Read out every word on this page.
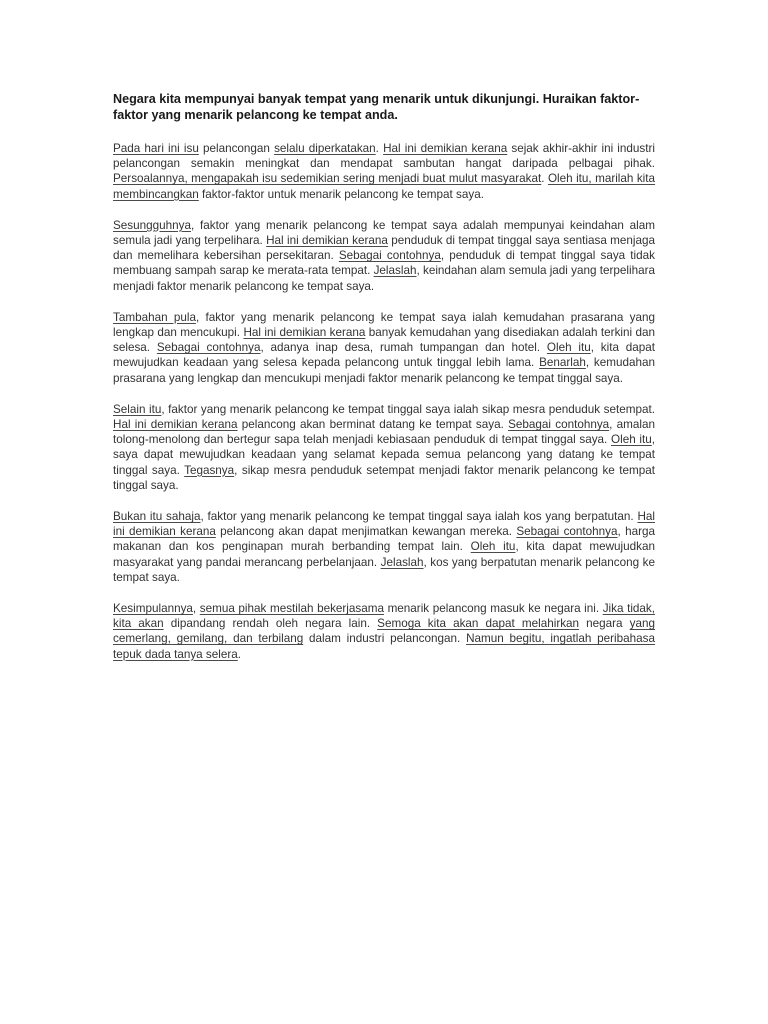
Negara kita mempunyai banyak tempat yang menarik untuk dikunjungi. Huraikan faktor-faktor yang menarik pelancong ke tempat anda.

Pada hari ini isu pelancongan selalu diperkatakan. Hal ini demikian kerana sejak akhir-akhir ini industri pelancongan semakin meningkat dan mendapat sambutan hangat daripada pelbagai pihak. Persoalannya, mengapakah isu sedemikian sering menjadi buat mulut masyarakat. Oleh itu, marilah kita membincangkan faktor-faktor untuk menarik pelancong ke tempat saya.

Sesungguhnya, faktor yang menarik pelancong ke tempat saya adalah mempunyai keindahan alam semula jadi yang terpelihara. Hal ini demikian kerana penduduk di tempat tinggal saya sentiasa menjaga dan memelihara kebersihan persekitaran. Sebagai contohnya, penduduk di tempat tinggal saya tidak membuang sampah sarap ke merata-rata tempat. Jelaslah, keindahan alam semula jadi yang terpelihara menjadi faktor menarik pelancong ke tempat saya.

Tambahan pula, faktor yang menarik pelancong ke tempat saya ialah kemudahan prasarana yang lengkap dan mencukupi. Hal ini demikian kerana banyak kemudahan yang disediakan adalah terkini dan selesa. Sebagai contohnya, adanya inap desa, rumah tumpangan dan hotel. Oleh itu, kita dapat mewujudkan keadaan yang selesa kepada pelancong untuk tinggal lebih lama. Benarlah, kemudahan prasarana yang lengkap dan mencukupi menjadi faktor menarik pelancong ke tempat tinggal saya.

Selain itu, faktor yang menarik pelancong ke tempat tinggal saya ialah sikap mesra penduduk setempat. Hal ini demikian kerana pelancong akan berminat datang ke tempat saya. Sebagai contohnya, amalan tolong-menolong dan bertegur sapa telah menjadi kebiasaan penduduk di tempat tinggal saya. Oleh itu, saya dapat mewujudkan keadaan yang selamat kepada semua pelancong yang datang ke tempat tinggal saya. Tegasnya, sikap mesra penduduk setempat menjadi faktor menarik pelancong ke tempat tinggal saya.

Bukan itu sahaja, faktor yang menarik pelancong ke tempat tinggal saya ialah kos yang berpatutan. Hal ini demikian kerana pelancong akan dapat menjimatkan kewangan mereka. Sebagai contohnya, harga makanan dan kos penginapan murah berbanding tempat lain. Oleh itu, kita dapat mewujudkan masyarakat yang pandai merancang perbelanjaan. Jelaslah, kos yang berpatutan menarik pelancong ke tempat saya.

Kesimpulannya, semua pihak mestilah bekerjasama menarik pelancong masuk ke negara ini. Jika tidak, kita akan dipandang rendah oleh negara lain. Semoga kita akan dapat melahirkan negara yang cemerlang, gemilang, dan terbilang dalam industri pelancongan. Namun begitu, ingatlah peribahasa tepuk dada tanya selera.
